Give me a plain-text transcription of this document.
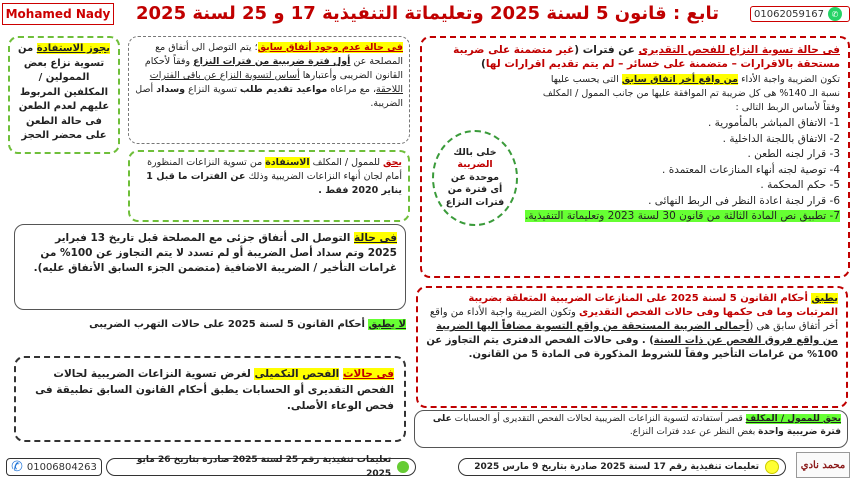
Mohamed Nady	تابع : قانون 5 لسنة 2025 وتعليماتة التنفيذية 17 و 25 لسنة 2025	01062059167 ✆
فى حالة تسوية النزاع للفحص التقديرى عن فترات (غير متضمنة على ضريبة مستحقة بالاقرارات – متضمنة على خسائر – لم يتم تقديم اقرارات لها)
تكون الضريبة واجبة الأداء من واقع أخر اتفاق سابق التى يحسب عليها نسبة الـ 140% هى كل ضريبة تم الموافقة عليها من جانب الممول / المكلف وفقاً لأساس الربط التالى :
1- الاتفاق المباشر بالمأمورية .
2- الاتفاق باللجنة الداخلية .
3- قرار لجنه الطعن .
4- توصية لجنه أنهاء المنازعات المعتمدة .
5- حكم المحكمة .
6- قرار لجنة اعادة النظر فى الربط النهائى .
7- تطبيق نص المادة الثالثة من قانون 30 لسنة 2023 وتعليماتة التنفيذية.
خلى بالك
الضريبة
موحدة عن
أى فترة من
فترات النزاع
فى حالة عدم وجود أتفاق سابق؛ يتم التوصل الى أتفاق مع المصلحة عن أول فترة ضريبية من فترات النزاع وفقاً لأحكام القانون الضريبى وأعتبارها أساس لتسوية النزاع عن باقى الفترات اللاحقة، مع مراعاه مواعيد تقديم طلب تسوية النزاع وسداد أصل الضريبة.
يجوز الاستفادة من تسوية نزاع بعض الممولين / المكلفين المربوط عليهم لعدم الطعن فى حالة الطعن على محضر الحجز
يحق للممول / المكلف الاستفادة من تسوية النزاعات المنظورة أمام لجان أنهاء النزاعات الضريبية وذلك عن الفترات ما قبل 1 يناير 2020 فقط .
فى حالة التوصل الى أتفاق جزئى مع المصلحة قبل تاريخ 13 فبراير 2025 وتم سداد أصل الضريبة أو لم تسدد لا يتم التجاوز عن 100% من غرامات التأخير / الضريبة الاضافية (متضمن الجزء السابق الأتفاق عليه).
لا يطبق أحكام القانون 5 لسنة 2025 على حالات التهرب الضريبى
يطبق أحكام القانون 5 لسنة 2025 على المنازعات الضريبية المتعلقة بضريبة المرتبات وما فى حكمها وفى حالات الفحص التقديرى وتكون الضريبة واجبة الأداء من واقع أخر أتفاق سابق هى (أجمالى الضريبة المستحقة من واقع التسوية مضافاً اليها الضريبة من واقع فروق الفحص عن ذات السنة) . وفى حالات الفحص الدفترى يتم التجاوز عن 100% من غرامات التأخير وفقاً للشروط المذكورة فى المادة 5 من القانون.
فى حالات الفحص التكميلى لغرض تسوية النزاعات الضريبية لحالات الفحص التقديرى أو الحسابات يطبق أحكام القانون السابق تطبيقة فى فحص الوعاء الأصلى.
يحق للممول / المكلف قصر أستفادته لتسوية النزاعات الضريبية لحالات الفحص التقديرى أو الحسابات على فترة ضريبية واحدة بغض النظر عن عدد فترات النزاع.
✆ 01006804263
تعليمات تنفيذية رقم 25 لسنة 2025 صادرة بتاريخ 26 مايو 2025
تعليمات تنفيذية رقم 17 لسنة 2025 صادرة بتاريخ 9 مارس 2025	محمد نادي
